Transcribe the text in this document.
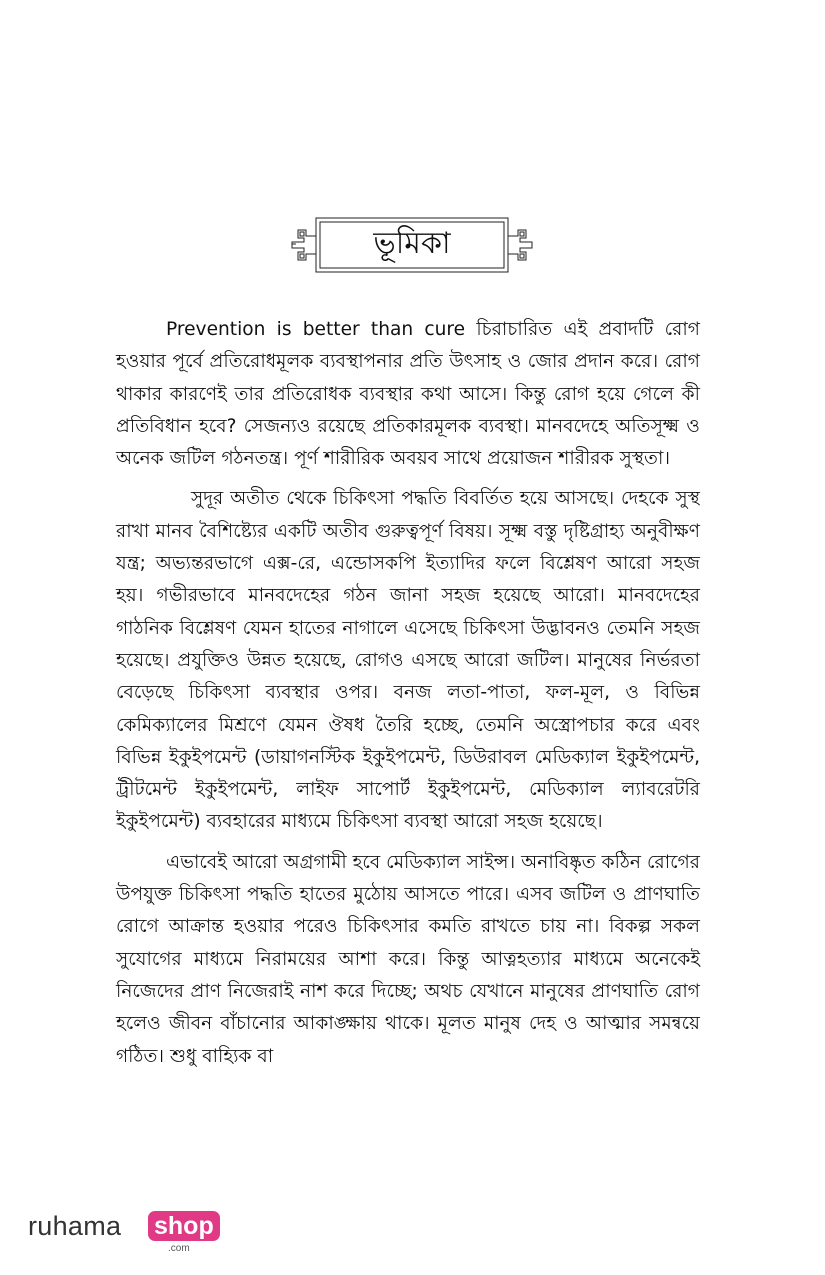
ভূমিকা

Prevention is better than cure চিরাচারিত এই প্রবাদটি রোগ হওয়ার পূর্বে প্রতিরোধমূলক ব্যবস্থাপনার প্রতি উৎসাহ ও জোর প্রদান করে। রোগ থাকার কারণেই তার প্রতিরোধক ব্যবস্থার কথা আসে। কিন্তু রোগ হয়ে গেলে কী প্রতিবিধান হবে? সেজন্যও রয়েছে প্রতিকারমূলক ব্যবস্থা। মানবদেহে অতিসূক্ষ্ম ও অনেক জটিল গঠনতন্ত্র। পূর্ণ শারীরিক অবয়ব সাথে প্রয়োজন শারীরক সুস্থতা।

সুদূর অতীত থেকে চিকিৎসা পদ্ধতি বিবর্তিত হয়ে আসছে। দেহকে সুস্থ রাখা মানব বৈশিষ্ট্যের একটি অতীব গুরুত্বপূর্ণ বিষয়। সূক্ষ্ম বস্তু দৃষ্টিগ্রাহ্য অনুবীক্ষণ যন্ত্র; অভ্যন্তরভাগে এক্স-রে, এন্ডোসকপি ইত্যাদির ফলে বিশ্লেষণ আরো সহজ হয়। গভীরভাবে মানবদেহের গঠন জানা সহজ হয়েছে আরো। মানবদেহের গাঠনিক বিশ্লেষণ যেমন হাতের নাগালে এসেছে চিকিৎসা উদ্ভাবনও তেমনি সহজ হয়েছে। প্রযুক্তিও উন্নত হয়েছে, রোগও এসছে আরো জটিল। মানুষের নির্ভরতা বেড়েছে চিকিৎসা ব্যবস্থার ওপর। বনজ লতা-পাতা, ফল-মূল, ও বিভিন্ন কেমিক্যালের মিশ্রণে যেমন ঔষধ তৈরি হচ্ছে, তেমনি অস্ত্রোপচার করে এবং বিভিন্ন ইকুইপমেন্ট (ডায়াগনস্টিক ইকুইপমেন্ট, ডিউরাবল মেডিক্যাল ইকুইপমেন্ট, ট্রীটমেন্ট ইকুইপমেন্ট, লাইফ সাপোর্ট ইকুইপমেন্ট, মেডিক্যাল ল্যাবরেটরি ইকুইপমেন্ট) ব্যবহারের মাধ্যমে চিকিৎসা ব্যবস্থা আরো সহজ হয়েছে।

এভাবেই আরো অগ্রগামী হবে মেডিক্যাল সাইন্স। অনাবিষ্কৃত কঠিন রোগের উপযুক্ত চিকিৎসা পদ্ধতি হাতের মুঠোয় আসতে পারে। এসব জটিল ও প্রাণঘাতি রোগে আক্রান্ত হওয়ার পরেও চিকিৎসার কমতি রাখতে চায় না। বিকল্প সকল সুযোগের মাধ্যমে নিরাময়ের আশা করে। কিন্তু আত্নহত্যার মাধ্যমে অনেকেই নিজেদের প্রাণ নিজেরাই নাশ করে দিচ্ছে; অথচ যেখানে মানুষের প্রাণঘাতি রোগ হলেও জীবন বাঁচানোর আকাঙ্ক্ষায় থাকে। মূলত মানুষ দেহ ও আত্মার সমন্বয়ে গঠিত। শুধু বাহ্যিক বা

ruhama shop
.com
